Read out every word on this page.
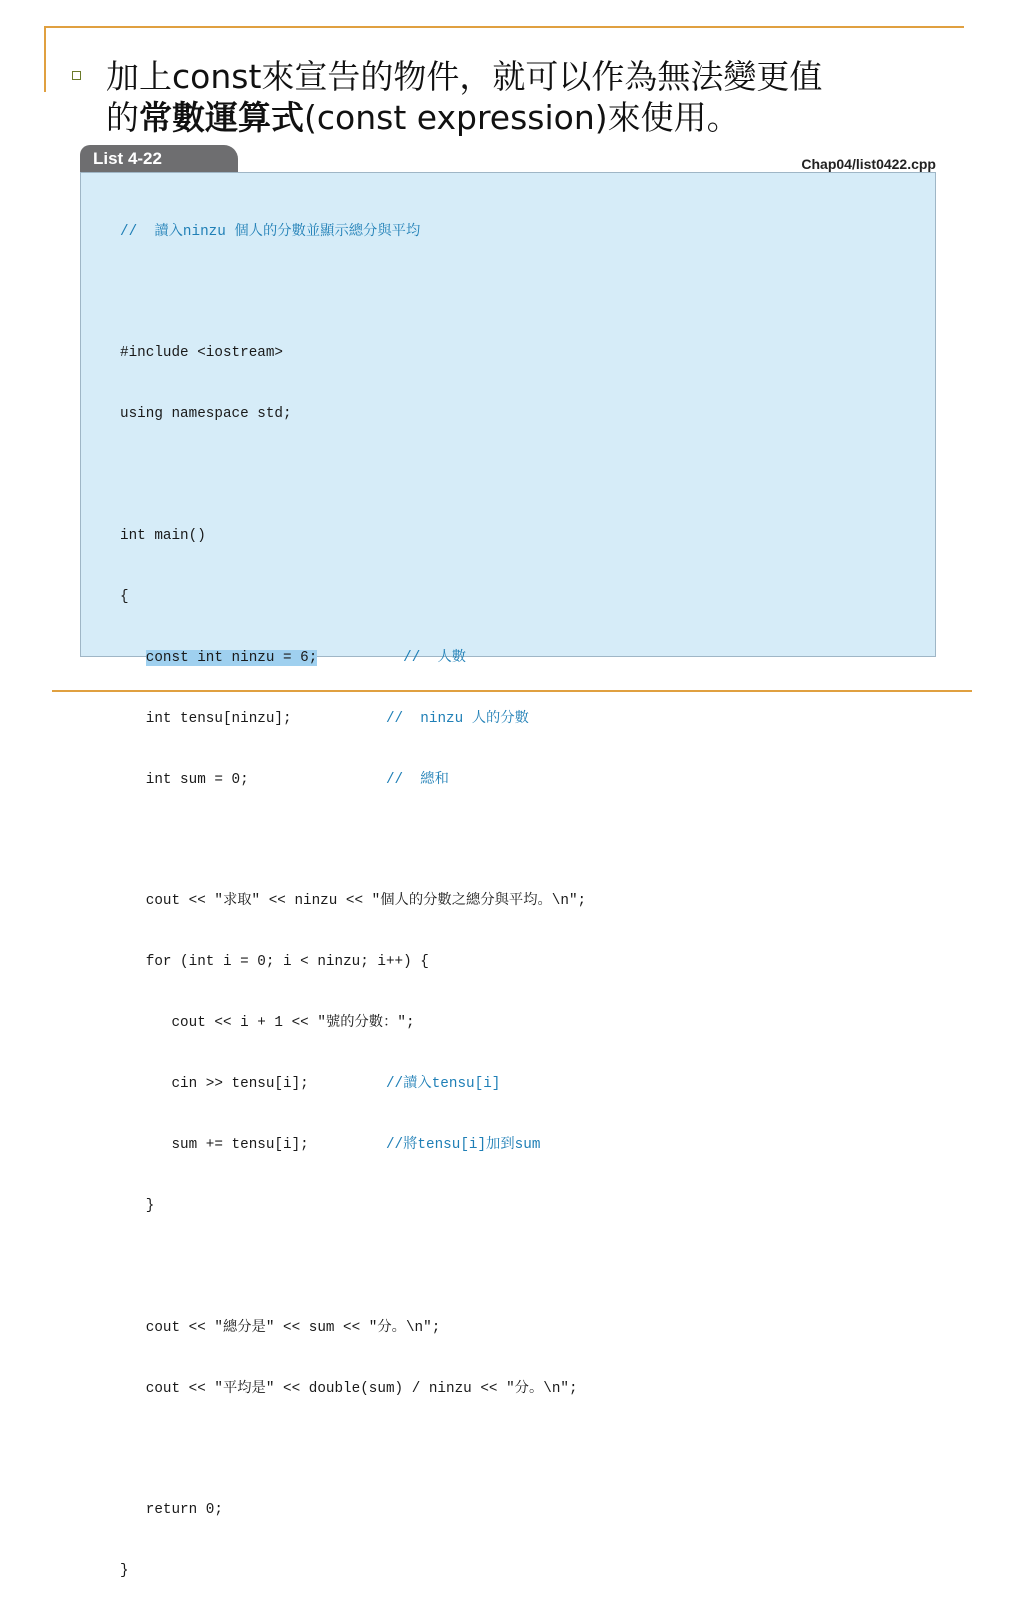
加上const來宣告的物件，就可以作為無法變更值
的常數運算式(const expression)來使用。
List 4-22	Chap04/list0422.cpp

//  讀入ninzu 個人的分數並顯示總分與平均

#include <iostream>

using namespace std;

int main()

{

const int ninzu = 6;	//  人數

int tensu[ninzu];           //  ninzu 人的分數

int sum = 0;                //  總和

cout << "求取" << ninzu << "個人的分數之總分與平均。\n";

for (int i = 0; i < ninzu; i++) {

cout << i + 1 << "號的分數：";

cin >> tensu[i];         //讀入tensu[i]

sum += tensu[i];         //將tensu[i]加到sum

}

cout << "總分是" << sum << "分。\n";

cout << "平均是" << double(sum) / ninzu << "分。\n";

return 0;

}
